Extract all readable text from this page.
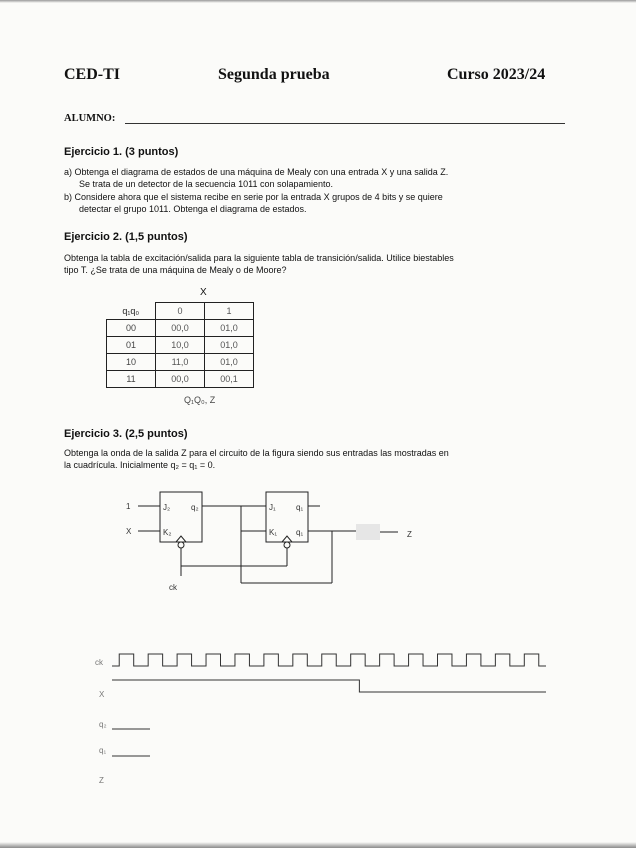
CED-TI	Segunda prueba	Curso 2023/24
ALUMNO:
Ejercicio 1. (3 puntos)
a) Obtenga el diagrama de estados de una máquina de Mealy con una entrada X y una salida Z.
Se trata de un detector de la secuencia 1011 con solapamiento.
b) Considere ahora que el sistema recibe en serie por la entrada X grupos de 4 bits y se quiere
detectar el grupo 1011. Obtenga el diagrama de estados.
Ejercicio 2. (1,5 puntos)
Obtenga la tabla de excitación/salida para la siguiente tabla de transición/salida. Utilice biestables
tipo T. ¿Se trata de una máquina de Mealy o de Moore?
X
q₁q₀	0	1
00	00,0	01,0
01	10,0	01,0
10	11,0	01,0
11	00,0	00,1
Q₁Q₀, Z
Ejercicio 3. (2,5 puntos)
Obtenga la onda de la salida Z para el circuito de la figura siendo sus entradas las mostradas en
la cuadrícula. Inicialmente q₂ = q₁ = 0.
1
X
J₂
K₂
q₂	J₁
K₁
q₁
q₁
ck
Z
ck
X
q₂
q₁
Z
